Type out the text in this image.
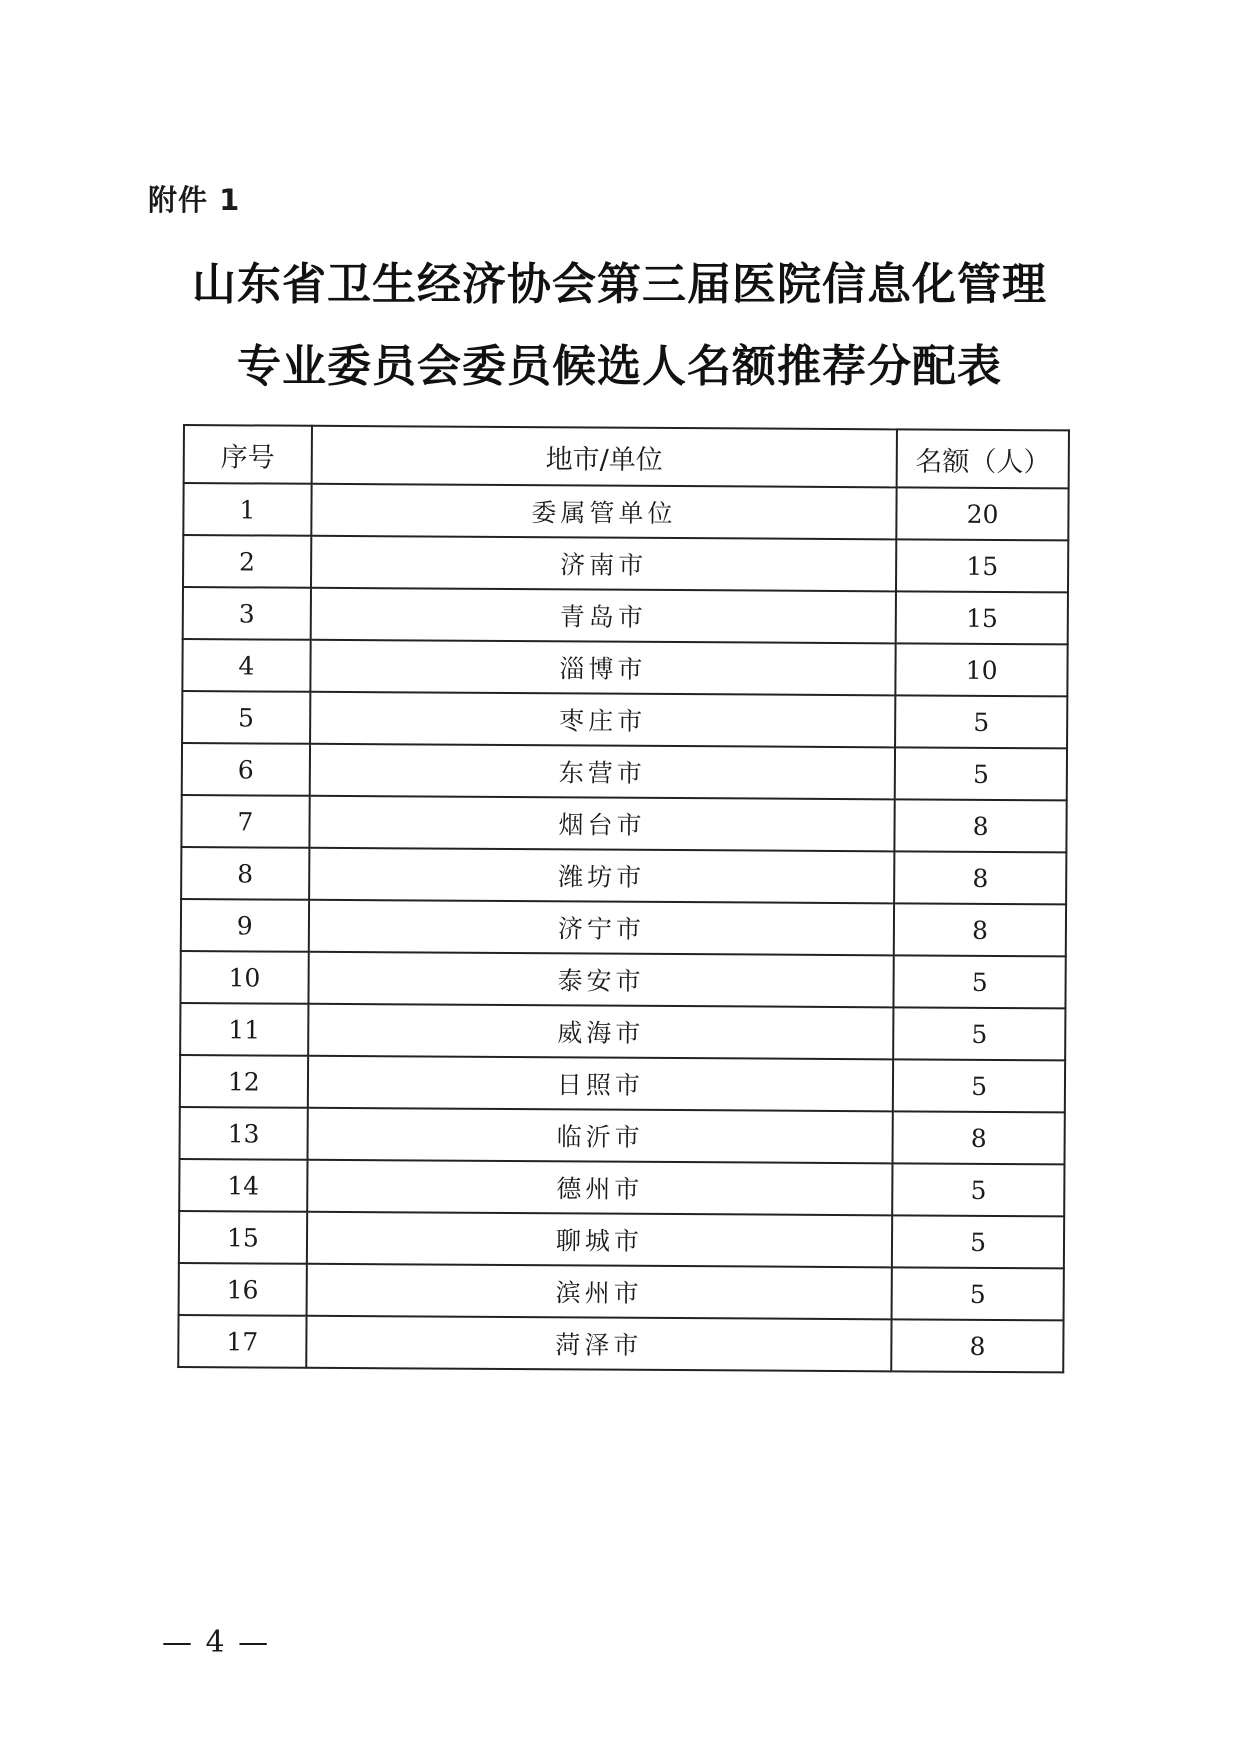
附件 1
山东省卫生经济协会第三届医院信息化管理
专业委员会委员候选人名额推荐分配表
序号	地市/单位	名额（人）
1	委属管单位	20
2	济南市	15
3	青岛市	15
4	淄博市	10
5	枣庄市	5
6	东营市	5
7	烟台市	8
8	潍坊市	8
9	济宁市	8
10	泰安市	5
11	威海市	5
12	日照市	5
13	临沂市	8
14	德州市	5
15	聊城市	5
16	滨州市	5
17	菏泽市	8
— 4 —
